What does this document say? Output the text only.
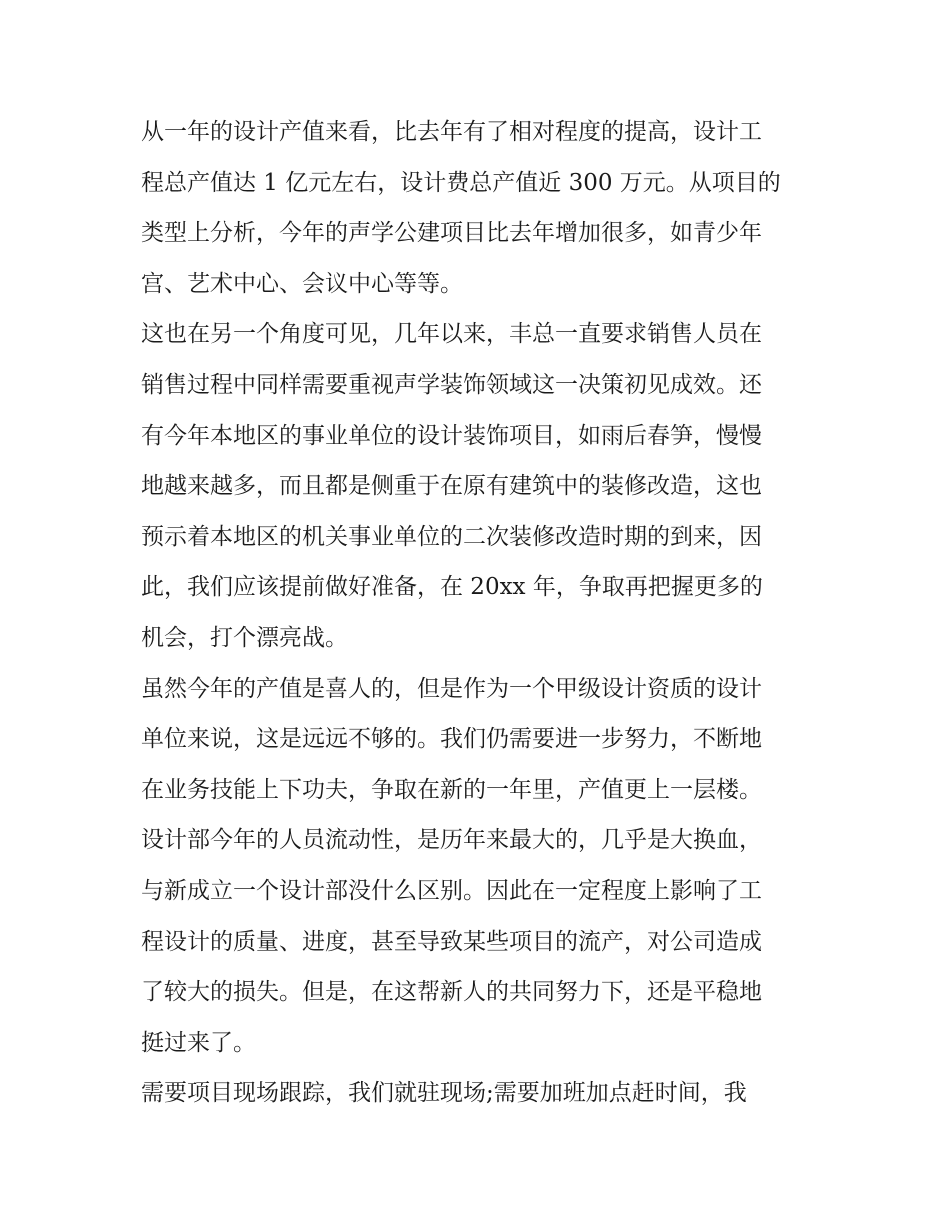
从一年的设计产值来看，比去年有了相对程度的提高，设计工
程总产值达 1 亿元左右，设计费总产值近 300 万元。从项目的
类型上分析，今年的声学公建项目比去年增加很多，如青少年
宫、艺术中心、会议中心等等。

这也在另一个角度可见，几年以来，丰总一直要求销售人员在
销售过程中同样需要重视声学装饰领域这一决策初见成效。还
有今年本地区的事业单位的设计装饰项目，如雨后春笋，慢慢
地越来越多，而且都是侧重于在原有建筑中的装修改造，这也
预示着本地区的机关事业单位的二次装修改造时期的到来，因
此，我们应该提前做好准备，在 20xx 年，争取再把握更多的
机会，打个漂亮战。

虽然今年的产值是喜人的，但是作为一个甲级设计资质的设计
单位来说，这是远远不够的。我们仍需要进一步努力，不断地
在业务技能上下功夫，争取在新的一年里，产值更上一层楼。

设计部今年的人员流动性，是历年来最大的，几乎是大换血，
与新成立一个设计部没什么区别。因此在一定程度上影响了工
程设计的质量、进度，甚至导致某些项目的流产，对公司造成
了较大的损失。但是，在这帮新人的共同努力下，还是平稳地
挺过来了。

需要项目现场跟踪，我们就驻现场;需要加班加点赶时间，我
